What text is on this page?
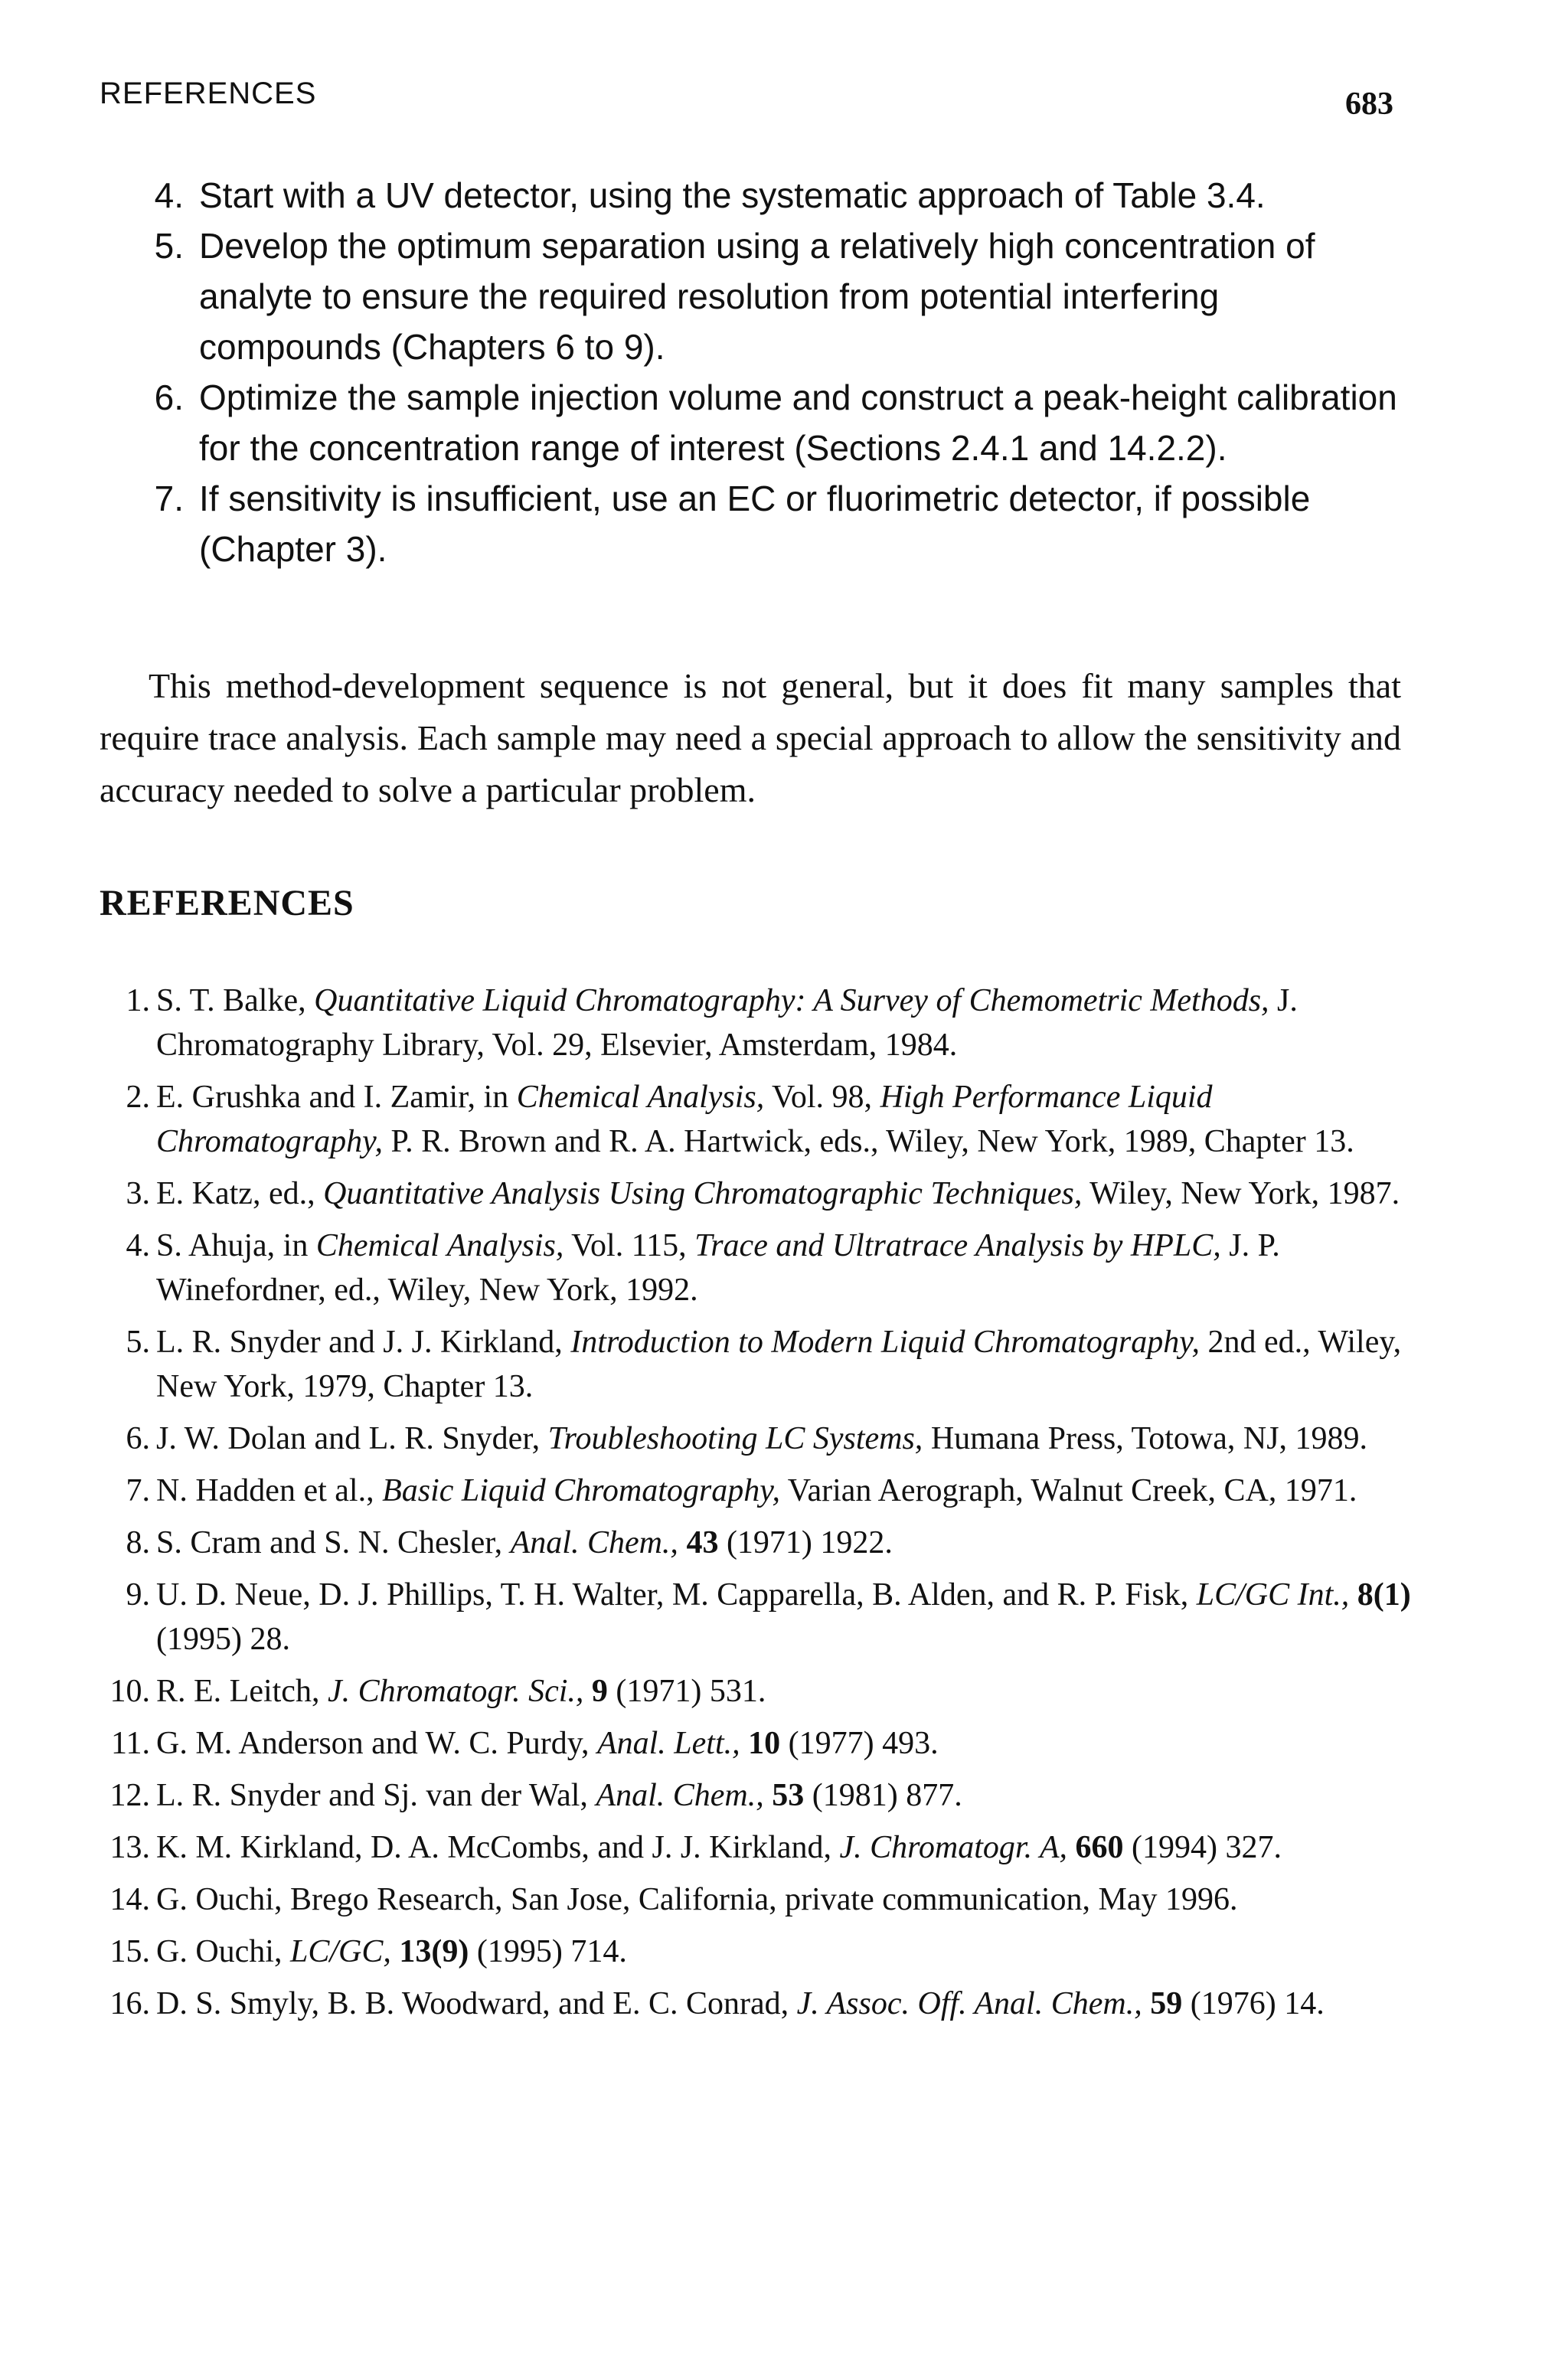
REFERENCES	683
4. Start with a UV detector, using the systematic approach of Table 3.4.
5. Develop the optimum separation using a relatively high concentration of analyte to ensure the required resolution from potential interfering compounds (Chapters 6 to 9).
6. Optimize the sample injection volume and construct a peak-height calibration for the concentration range of interest (Sections 2.4.1 and 14.2.2).
7. If sensitivity is insufficient, use an EC or fluorimetric detector, if possible (Chapter 3).

This method-development sequence is not general, but it does fit many samples that require trace analysis. Each sample may need a special approach to allow the sensitivity and accuracy needed to solve a particular problem.

REFERENCES
1. S. T. Balke, Quantitative Liquid Chromatography: A Survey of Chemometric Methods, J. Chromatography Library, Vol. 29, Elsevier, Amsterdam, 1984.
2. E. Grushka and I. Zamir, in Chemical Analysis, Vol. 98, High Performance Liquid Chromatography, P. R. Brown and R. A. Hartwick, eds., Wiley, New York, 1989, Chapter 13.
3. E. Katz, ed., Quantitative Analysis Using Chromatographic Techniques, Wiley, New York, 1987.
4. S. Ahuja, in Chemical Analysis, Vol. 115, Trace and Ultratrace Analysis by HPLC, J. P. Winefordner, ed., Wiley, New York, 1992.
5. L. R. Snyder and J. J. Kirkland, Introduction to Modern Liquid Chromatography, 2nd ed., Wiley, New York, 1979, Chapter 13.
6. J. W. Dolan and L. R. Snyder, Troubleshooting LC Systems, Humana Press, Totowa, NJ, 1989.
7. N. Hadden et al., Basic Liquid Chromatography, Varian Aerograph, Walnut Creek, CA, 1971.
8. S. Cram and S. N. Chesler, Anal. Chem., 43 (1971) 1922.
9. U. D. Neue, D. J. Phillips, T. H. Walter, M. Capparella, B. Alden, and R. P. Fisk, LC/GC Int., 8(1) (1995) 28.
10. R. E. Leitch, J. Chromatogr. Sci., 9 (1971) 531.
11. G. M. Anderson and W. C. Purdy, Anal. Lett., 10 (1977) 493.
12. L. R. Snyder and Sj. van der Wal, Anal. Chem., 53 (1981) 877.
13. K. M. Kirkland, D. A. McCombs, and J. J. Kirkland, J. Chromatogr. A, 660 (1994) 327.
14. G. Ouchi, Brego Research, San Jose, California, private communication, May 1996.
15. G. Ouchi, LC/GC, 13(9) (1995) 714.
16. D. S. Smyly, B. B. Woodward, and E. C. Conrad, J. Assoc. Off. Anal. Chem., 59 (1976) 14.
